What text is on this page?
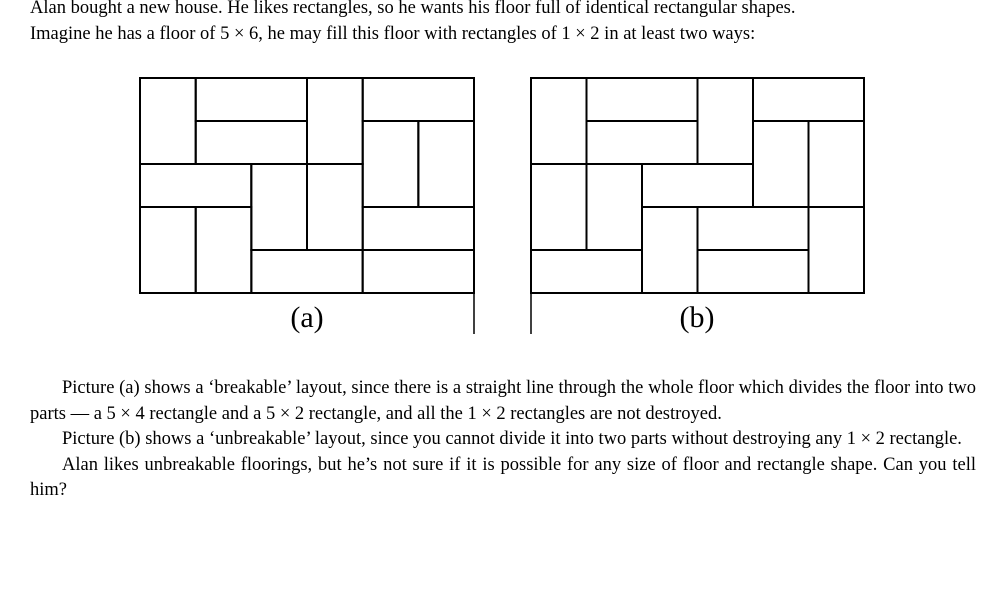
Alan bought a new house. He likes rectangles, so he wants his floor full of identical rectangular shapes.
Imagine he has a floor of 5 × 6, he may fill this floor with rectangles of 1 × 2 in at least two ways:
(a)	(b)
Picture (a) shows a ‘breakable’ layout, since there is a straight line through the whole floor which divides the floor into two parts — a 5 × 4 rectangle and a 5 × 2 rectangle, and all the 1 × 2 rectangles are not destroyed.
Picture (b) shows a ‘unbreakable’ layout, since you cannot divide it into two parts without destroying any 1 × 2 rectangle.
Alan likes unbreakable floorings, but he’s not sure if it is possible for any size of floor and rectangle shape. Can you tell him?
